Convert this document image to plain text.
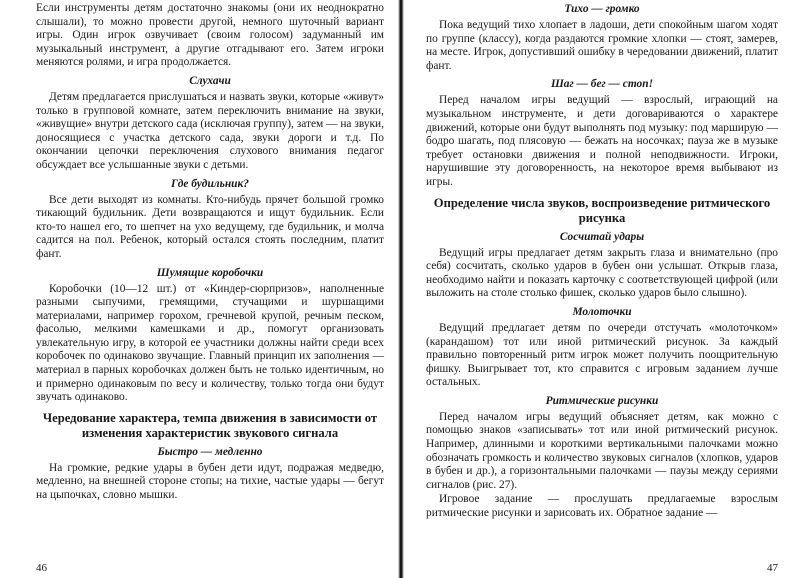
Если инструменты детям достаточно знакомы (они их неоднократно слышали), то можно провести другой, немного шуточный вариант игры. Один игрок озвучивает (своим голосом) задуманный им музыкальный инструмент, а другие отгадывают его. Затем игроки меняются ролями, и игра продолжается.

Слухачи

Детям предлагается прислушаться и назвать звуки, которые «живут» только в групповой комнате, затем переключить внимание на звуки, «живущие» внутри детского сада (исключая группу), затем — на звуки, доносящиеся с участка детского сада, звуки дороги и т.д. По окончании цепочки переключения слухового внимания педагог обсуждает все услышанные звуки с детьми.

Где будильник?

Все дети выходят из комнаты. Кто-нибудь прячет большой громко тикающий будильник. Дети возвращаются и ищут будильник. Если кто-то нашел его, то шепчет на ухо ведущему, где будильник, и молча садится на пол. Ребенок, который остался стоять последним, платит фант.

Шумящие коробочки

Коробочки (10—12 шт.) от «Киндер-сюрпризов», наполненные разными сыпучими, гремящими, стучащими и шуршащими материалами, например горохом, гречневой крупой, речным песком, фасолью, мелкими камешками и др., помогут организовать увлекательную игру, в которой ее участники должны найти среди всех коробочек по одинаково звучащие. Главный принцип их заполнения — материал в парных коробочках должен быть не только идентичным, но и примерно одинаковым по весу и количеству, только тогда они будут звучать одинаково.

Чередование характера, темпа движения в зависимости от изменения характеристик звукового сигнала
Быстро — медленно

На громкие, редкие удары в бубен дети идут, подражая медведю, медленно, на внешней стороне стопы; на тихие, частые удары — бегут на цыпочках, словно мышки.

46
Тихо — громко

Пока ведущий тихо хлопает в ладоши, дети спокойным шагом ходят по группе (классу), когда раздаются громкие хлопки — стоят, замерев, на месте. Игрок, допустивший ошибку в чередовании движений, платит фант.

Шаг — бег — стоп!

Перед началом игры ведущий — взрослый, играющий на музыкальном инструменте, и дети договариваются о характере движений, которые они будут выполнять под музыку: под марширую — бодро шагать, под плясовую — бежать на носочках; пауза же в музыке требует остановки движения и полной неподвижности. Игроки, нарушившие эту договоренность, на некоторое время выбывают из игры.

Определение числа звуков, воспроизведение ритмического рисунка
Сосчитай удары

Ведущий игры предлагает детям закрыть глаза и внимательно (про себя) сосчитать, сколько ударов в бубен они услышат. Открыв глаза, необходимо найти и показать карточку с соответствующей цифрой (или выложить на столе столько фишек, сколько ударов было слышно).

Молоточки

Ведущий предлагает детям по очереди отстучать «молоточком» (карандашом) тот или иной ритмический рисунок. За каждый правильно повторенный ритм игрок может получить поощрительную фишку. Выигрывает тот, кто справится с игровым заданием лучше остальных.

Ритмические рисунки

Перед началом игры ведущий объясняет детям, как можно с помощью знаков «записывать» тот или иной ритмический рисунок. Например, длинными и короткими вертикальными палочками можно обозначать громкость и количество звуковых сигналов (хлопков, ударов в бубен и др.), а горизонтальными палочками — паузы между сериями сигналов (рис. 27).

Игровое задание — прослушать предлагаемые взрослым ритмические рисунки и зарисовать их. Обратное задание —

47
